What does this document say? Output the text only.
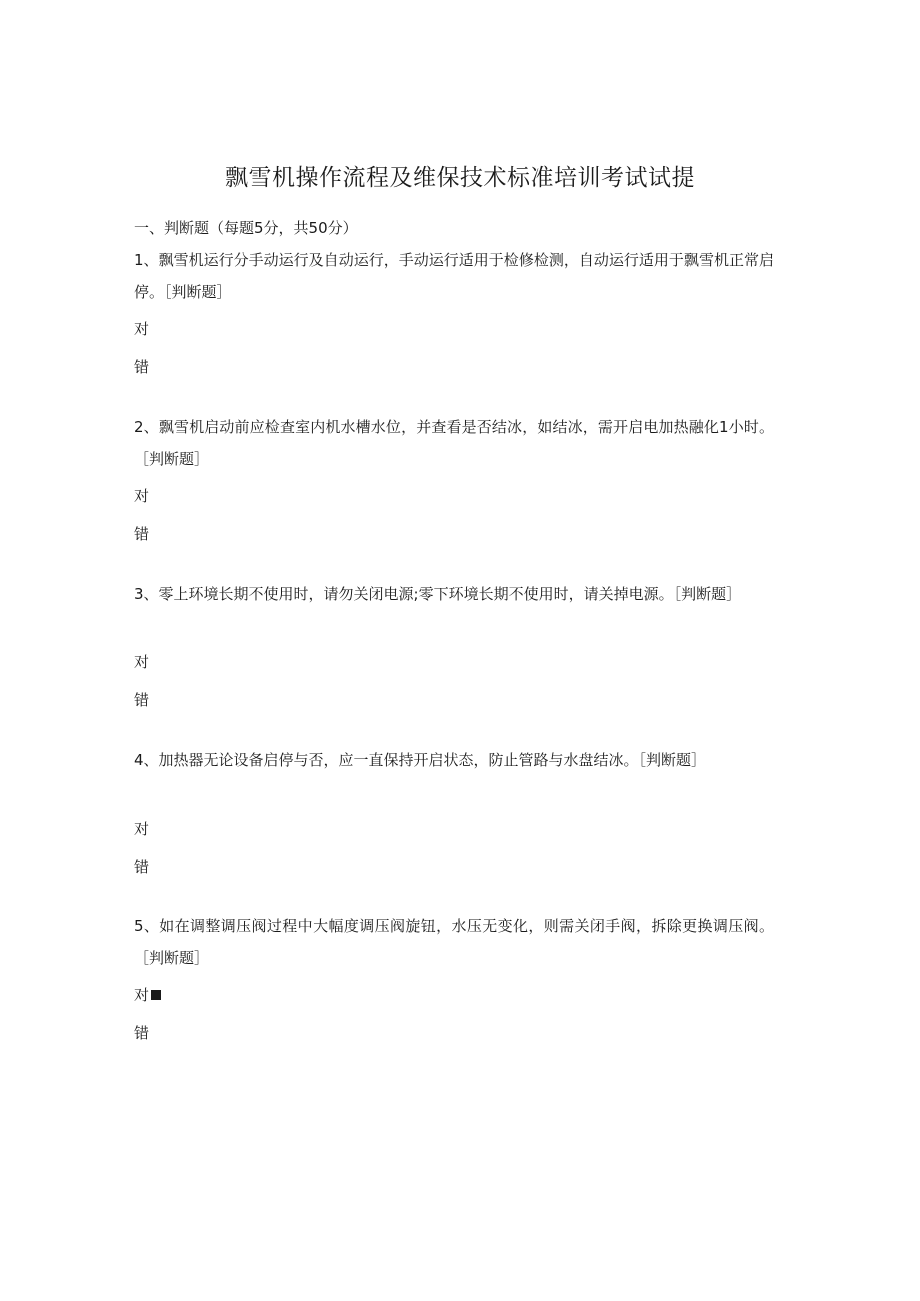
飘雪机操作流程及维保技术标准培训考试试提
一、判断题（每题5分，共50分）
1、飘雪机运行分手动运行及自动运行，手动运行适用于检修检测，自动运行适用于飘雪机正常启停。［判断题］
对
错
2、飘雪机启动前应检查室内机水槽水位，并查看是否结冰，如结冰，需开启电加热融化1小时。［判断题］
对
错
3、零上环境长期不使用时，请勿关闭电源;零下环境长期不使用时，请关掉电源。［判断题］
对
错
4、加热器无论设备启停与否，应一直保持开启状态，防止管路与水盘结冰。［判断题］
对
错
5、如在调整调压阀过程中大幅度调压阀旋钮，水压无变化，则需关闭手阀，拆除更换调压阀。［判断题］
对
错
